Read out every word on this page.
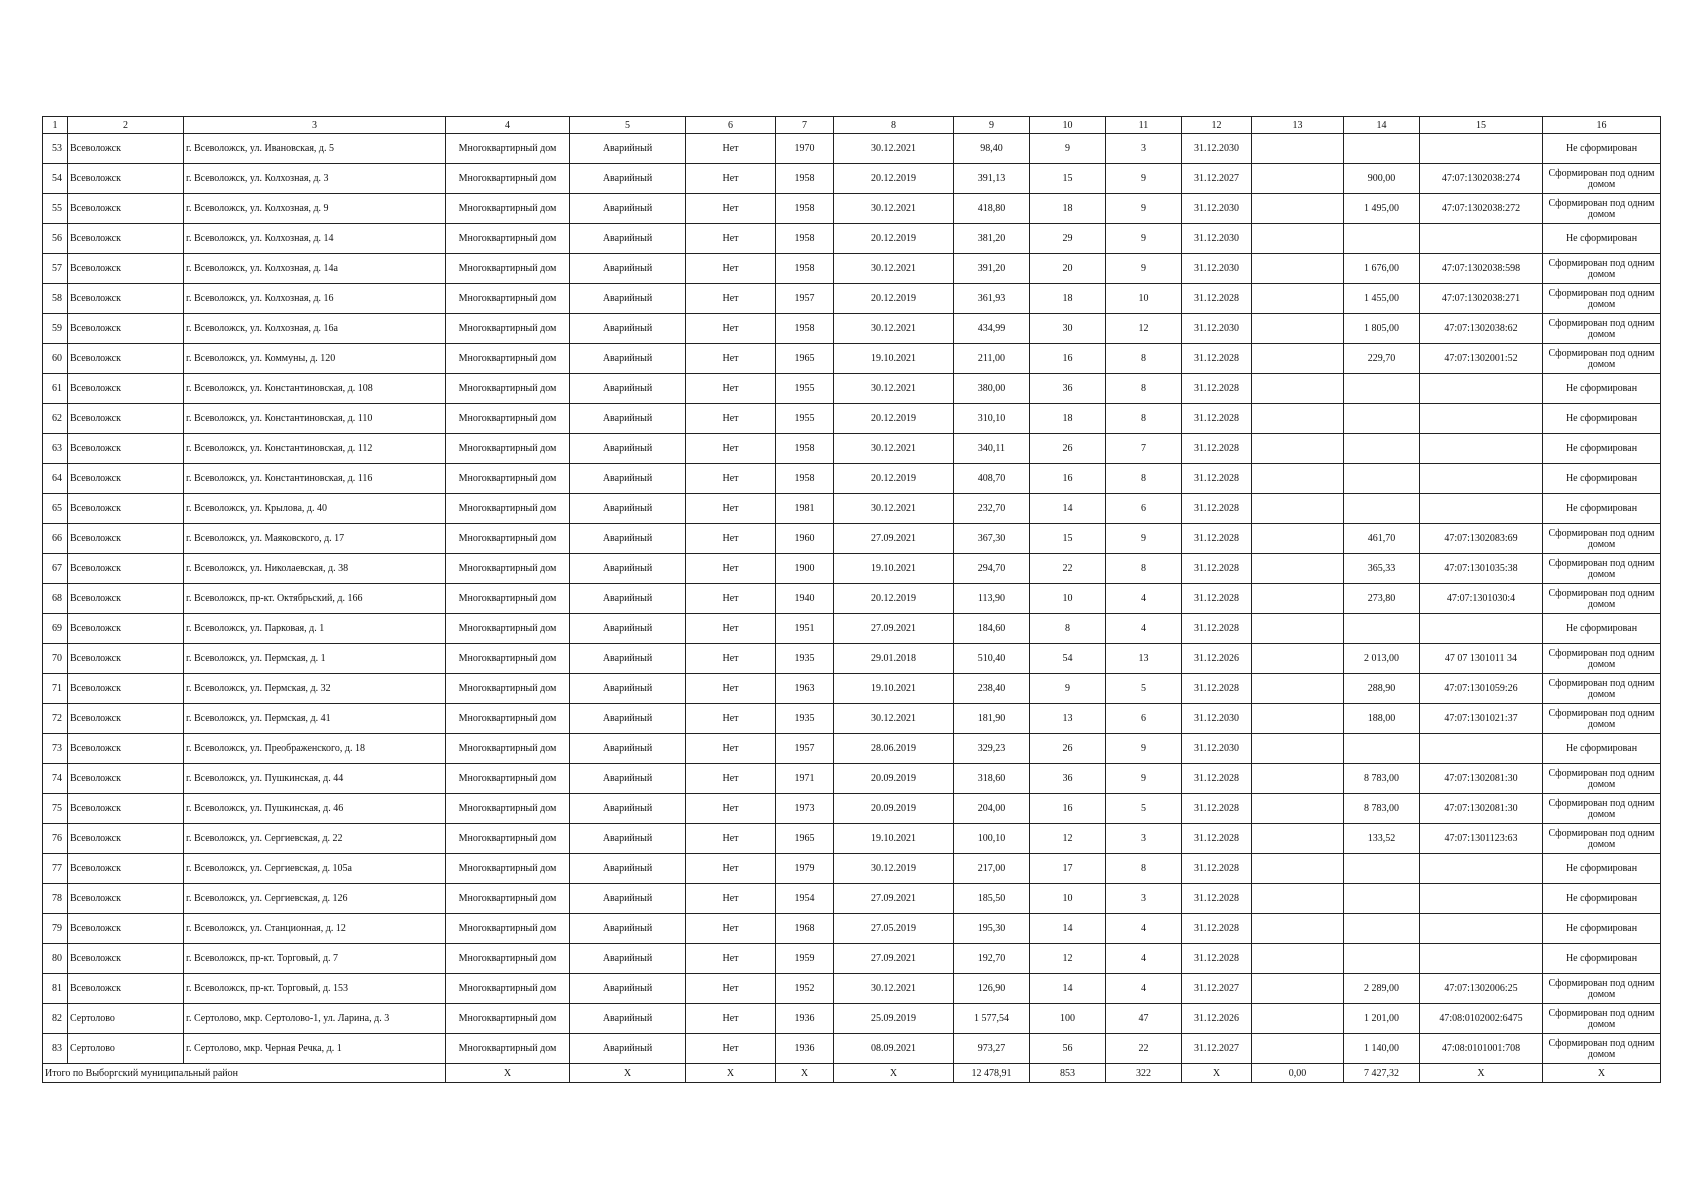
1	2	3	4	5	6	7	8	9	10	11	12	13	14	15	16
53	Всеволожск	г. Всеволожск, ул. Ивановская, д. 5	Многоквартирный дом	Аварийный	Нет	1970	30.12.2021	98,40	9	3	31.12.2030				Не сформирован
54	Всеволожск	г. Всеволожск, ул. Колхозная, д. 3	Многоквартирный дом	Аварийный	Нет	1958	20.12.2019	391,13	15	9	31.12.2027		900,00	47:07:1302038:274	Сформирован под одним домом
55	Всеволожск	г. Всеволожск, ул. Колхозная, д. 9	Многоквартирный дом	Аварийный	Нет	1958	30.12.2021	418,80	18	9	31.12.2030		1 495,00	47:07:1302038:272	Сформирован под одним домом
56	Всеволожск	г. Всеволожск, ул. Колхозная, д. 14	Многоквартирный дом	Аварийный	Нет	1958	20.12.2019	381,20	29	9	31.12.2030				Не сформирован
57	Всеволожск	г. Всеволожск, ул. Колхозная, д. 14а	Многоквартирный дом	Аварийный	Нет	1958	30.12.2021	391,20	20	9	31.12.2030		1 676,00	47:07:1302038:598	Сформирован под одним домом
58	Всеволожск	г. Всеволожск, ул. Колхозная, д. 16	Многоквартирный дом	Аварийный	Нет	1957	20.12.2019	361,93	18	10	31.12.2028		1 455,00	47:07:1302038:271	Сформирован под одним домом
59	Всеволожск	г. Всеволожск, ул. Колхозная, д. 16а	Многоквартирный дом	Аварийный	Нет	1958	30.12.2021	434,99	30	12	31.12.2030		1 805,00	47:07:1302038:62	Сформирован под одним домом
60	Всеволожск	г. Всеволожск, ул. Коммуны, д. 120	Многоквартирный дом	Аварийный	Нет	1965	19.10.2021	211,00	16	8	31.12.2028		229,70	47:07:1302001:52	Сформирован под одним домом
61	Всеволожск	г. Всеволожск, ул. Константиновская, д. 108	Многоквартирный дом	Аварийный	Нет	1955	30.12.2021	380,00	36	8	31.12.2028				Не сформирован
62	Всеволожск	г. Всеволожск, ул. Константиновская, д. 110	Многоквартирный дом	Аварийный	Нет	1955	20.12.2019	310,10	18	8	31.12.2028				Не сформирован
63	Всеволожск	г. Всеволожск, ул. Константиновская, д. 112	Многоквартирный дом	Аварийный	Нет	1958	30.12.2021	340,11	26	7	31.12.2028				Не сформирован
64	Всеволожск	г. Всеволожск, ул. Константиновская, д. 116	Многоквартирный дом	Аварийный	Нет	1958	20.12.2019	408,70	16	8	31.12.2028				Не сформирован
65	Всеволожск	г. Всеволожск, ул. Крылова, д. 40	Многоквартирный дом	Аварийный	Нет	1981	30.12.2021	232,70	14	6	31.12.2028				Не сформирован
66	Всеволожск	г. Всеволожск, ул. Маяковского, д. 17	Многоквартирный дом	Аварийный	Нет	1960	27.09.2021	367,30	15	9	31.12.2028		461,70	47:07:1302083:69	Сформирован под одним домом
67	Всеволожск	г. Всеволожск, ул. Николаевская, д. 38	Многоквартирный дом	Аварийный	Нет	1900	19.10.2021	294,70	22	8	31.12.2028		365,33	47:07:1301035:38	Сформирован под одним домом
68	Всеволожск	г. Всеволожск, пр-кт. Октябрьский, д. 166	Многоквартирный дом	Аварийный	Нет	1940	20.12.2019	113,90	10	4	31.12.2028		273,80	47:07:1301030:4	Сформирован под одним домом
69	Всеволожск	г. Всеволожск, ул. Парковая, д. 1	Многоквартирный дом	Аварийный	Нет	1951	27.09.2021	184,60	8	4	31.12.2028				Не сформирован
70	Всеволожск	г. Всеволожск, ул. Пермская, д. 1	Многоквартирный дом	Аварийный	Нет	1935	29.01.2018	510,40	54	13	31.12.2026		2 013,00	47 07 1301011 34	Сформирован под одним домом
71	Всеволожск	г. Всеволожск, ул. Пермская, д. 32	Многоквартирный дом	Аварийный	Нет	1963	19.10.2021	238,40	9	5	31.12.2028		288,90	47:07:1301059:26	Сформирован под одним домом
72	Всеволожск	г. Всеволожск, ул. Пермская, д. 41	Многоквартирный дом	Аварийный	Нет	1935	30.12.2021	181,90	13	6	31.12.2030		188,00	47:07:1301021:37	Сформирован под одним домом
73	Всеволожск	г. Всеволожск, ул. Преображенского, д. 18	Многоквартирный дом	Аварийный	Нет	1957	28.06.2019	329,23	26	9	31.12.2030				Не сформирован
74	Всеволожск	г. Всеволожск, ул. Пушкинская, д. 44	Многоквартирный дом	Аварийный	Нет	1971	20.09.2019	318,60	36	9	31.12.2028		8 783,00	47:07:1302081:30	Сформирован под одним домом
75	Всеволожск	г. Всеволожск, ул. Пушкинская, д. 46	Многоквартирный дом	Аварийный	Нет	1973	20.09.2019	204,00	16	5	31.12.2028		8 783,00	47:07:1302081:30	Сформирован под одним домом
76	Всеволожск	г. Всеволожск, ул. Сергиевская, д. 22	Многоквартирный дом	Аварийный	Нет	1965	19.10.2021	100,10	12	3	31.12.2028		133,52	47:07:1301123:63	Сформирован под одним домом
77	Всеволожск	г. Всеволожск, ул. Сергиевская, д. 105а	Многоквартирный дом	Аварийный	Нет	1979	30.12.2019	217,00	17	8	31.12.2028				Не сформирован
78	Всеволожск	г. Всеволожск, ул. Сергиевская, д. 126	Многоквартирный дом	Аварийный	Нет	1954	27.09.2021	185,50	10	3	31.12.2028				Не сформирован
79	Всеволожск	г. Всеволожск, ул. Станционная, д. 12	Многоквартирный дом	Аварийный	Нет	1968	27.05.2019	195,30	14	4	31.12.2028				Не сформирован
80	Всеволожск	г. Всеволожск, пр-кт. Торговый, д. 7	Многоквартирный дом	Аварийный	Нет	1959	27.09.2021	192,70	12	4	31.12.2028				Не сформирован
81	Всеволожск	г. Всеволожск, пр-кт. Торговый, д. 153	Многоквартирный дом	Аварийный	Нет	1952	30.12.2021	126,90	14	4	31.12.2027		2 289,00	47:07:1302006:25	Сформирован под одним домом
82	Сертолово	г. Сертолово, мкр. Сертолово-1, ул. Ларина, д. 3	Многоквартирный дом	Аварийный	Нет	1936	25.09.2019	1 577,54	100	47	31.12.2026		1 201,00	47:08:0102002:6475	Сформирован под одним домом
83	Сертолово	г. Сертолово, мкр. Черная Речка, д. 1	Многоквартирный дом	Аварийный	Нет	1936	08.09.2021	973,27	56	22	31.12.2027		1 140,00	47:08:0101001:708	Сформирован под одним домом
Итого по Выборгский муниципальный район			X	X	X	X	X	12 478,91	853	322	X	0,00	7 427,32	X	X
